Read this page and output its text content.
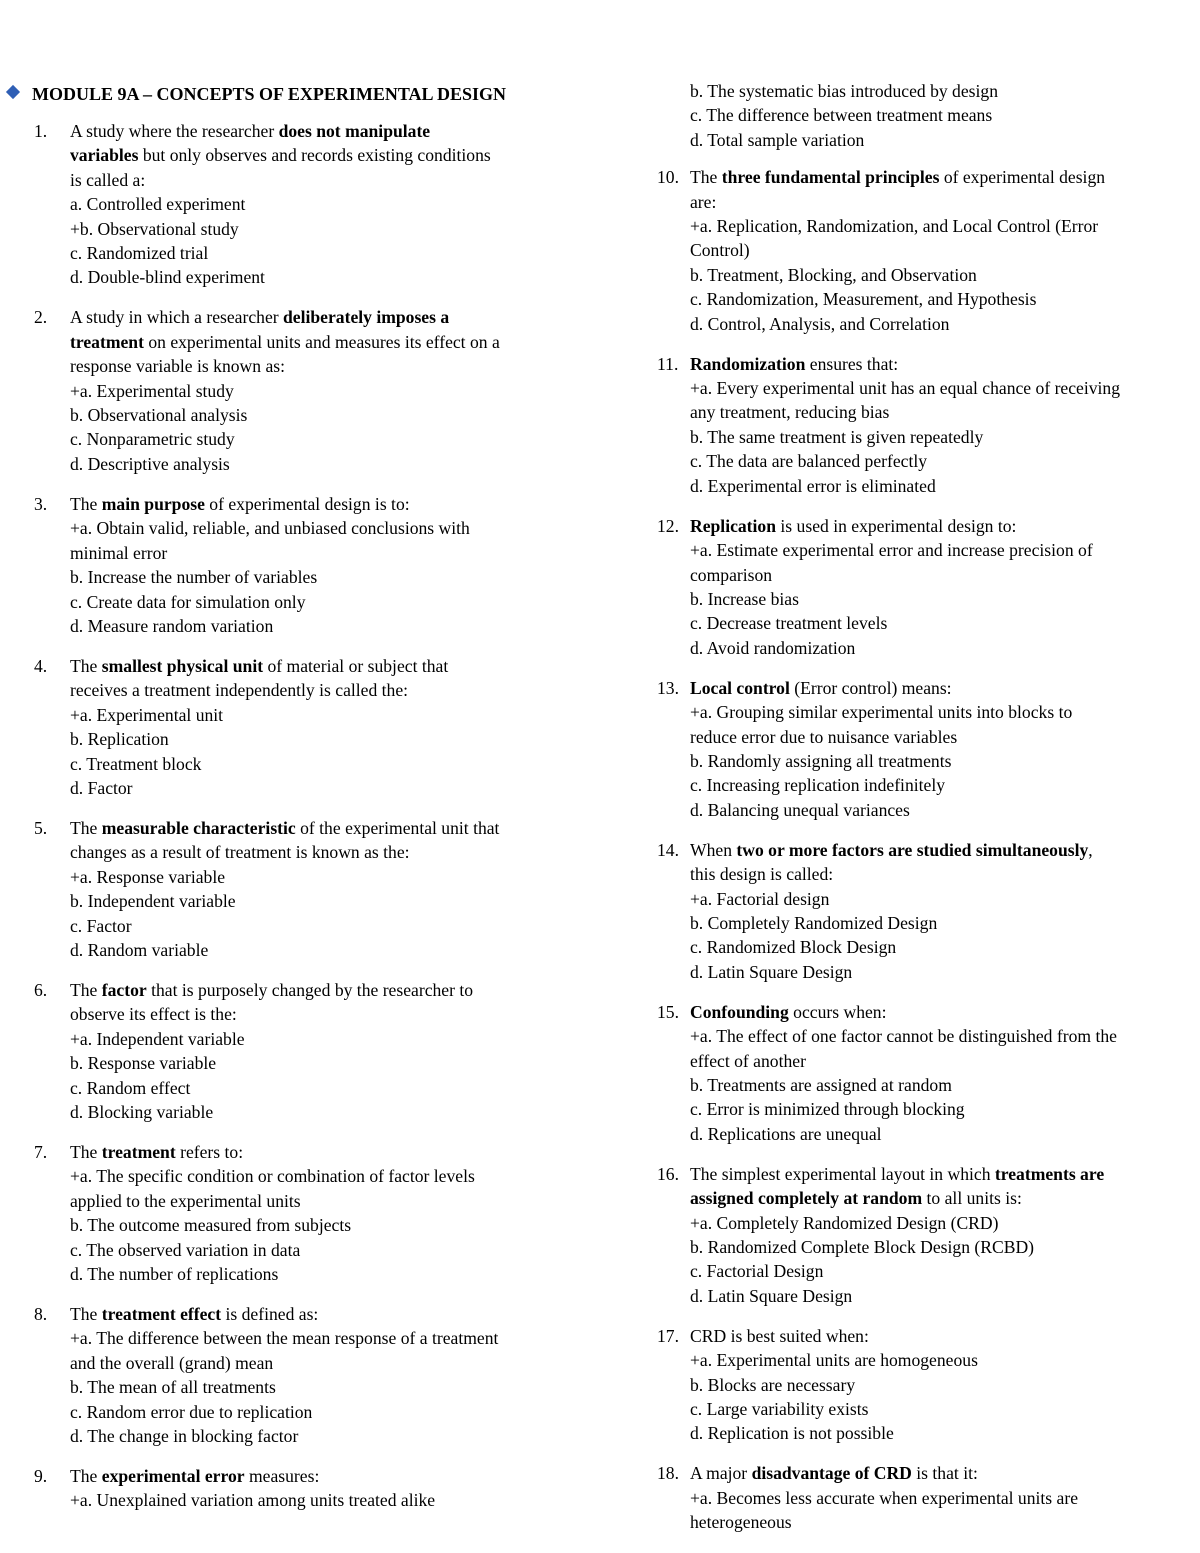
MODULE 9A – CONCEPTS OF EXPERIMENTAL DESIGN
1. A study where the researcher does not manipulate
variables but only observes and records existing conditions
is called a:
a. Controlled experiment
+b. Observational study
c. Randomized trial
d. Double-blind experiment
2. A study in which a researcher deliberately imposes a
treatment on experimental units and measures its effect on a
response variable is known as:
+a. Experimental study
b. Observational analysis
c. Nonparametric study
d. Descriptive analysis
3. The main purpose of experimental design is to:
+a. Obtain valid, reliable, and unbiased conclusions with
minimal error
b. Increase the number of variables
c. Create data for simulation only
d. Measure random variation
4. The smallest physical unit of material or subject that
receives a treatment independently is called the:
+a. Experimental unit
b. Replication
c. Treatment block
d. Factor
5. The measurable characteristic of the experimental unit that
changes as a result of treatment is known as the:
+a. Response variable
b. Independent variable
c. Factor
d. Random variable
6. The factor that is purposely changed by the researcher to
observe its effect is the:
+a. Independent variable
b. Response variable
c. Random effect
d. Blocking variable
7. The treatment refers to:
+a. The specific condition or combination of factor levels
applied to the experimental units
b. The outcome measured from subjects
c. The observed variation in data
d. The number of replications
8. The treatment effect is defined as:
+a. The difference between the mean response of a treatment
and the overall (grand) mean
b. The mean of all treatments
c. Random error due to replication
d. The change in blocking factor
9. The experimental error measures:
+a. Unexplained variation among units treated alike
b. The systematic bias introduced by design
c. The difference between treatment means
d. Total sample variation
10. The three fundamental principles of experimental design
are:
+a. Replication, Randomization, and Local Control (Error
Control)
b. Treatment, Blocking, and Observation
c. Randomization, Measurement, and Hypothesis
d. Control, Analysis, and Correlation
11. Randomization ensures that:
+a. Every experimental unit has an equal chance of receiving
any treatment, reducing bias
b. The same treatment is given repeatedly
c. The data are balanced perfectly
d. Experimental error is eliminated
12. Replication is used in experimental design to:
+a. Estimate experimental error and increase precision of
comparison
b. Increase bias
c. Decrease treatment levels
d. Avoid randomization
13. Local control (Error control) means:
+a. Grouping similar experimental units into blocks to
reduce error due to nuisance variables
b. Randomly assigning all treatments
c. Increasing replication indefinitely
d. Balancing unequal variances
14. When two or more factors are studied simultaneously,
this design is called:
+a. Factorial design
b. Completely Randomized Design
c. Randomized Block Design
d. Latin Square Design
15. Confounding occurs when:
+a. The effect of one factor cannot be distinguished from the
effect of another
b. Treatments are assigned at random
c. Error is minimized through blocking
d. Replications are unequal
16. The simplest experimental layout in which treatments are
assigned completely at random to all units is:
+a. Completely Randomized Design (CRD)
b. Randomized Complete Block Design (RCBD)
c. Factorial Design
d. Latin Square Design
17. CRD is best suited when:
+a. Experimental units are homogeneous
b. Blocks are necessary
c. Large variability exists
d. Replication is not possible
18. A major disadvantage of CRD is that it:
+a. Becomes less accurate when experimental units are
heterogeneous
